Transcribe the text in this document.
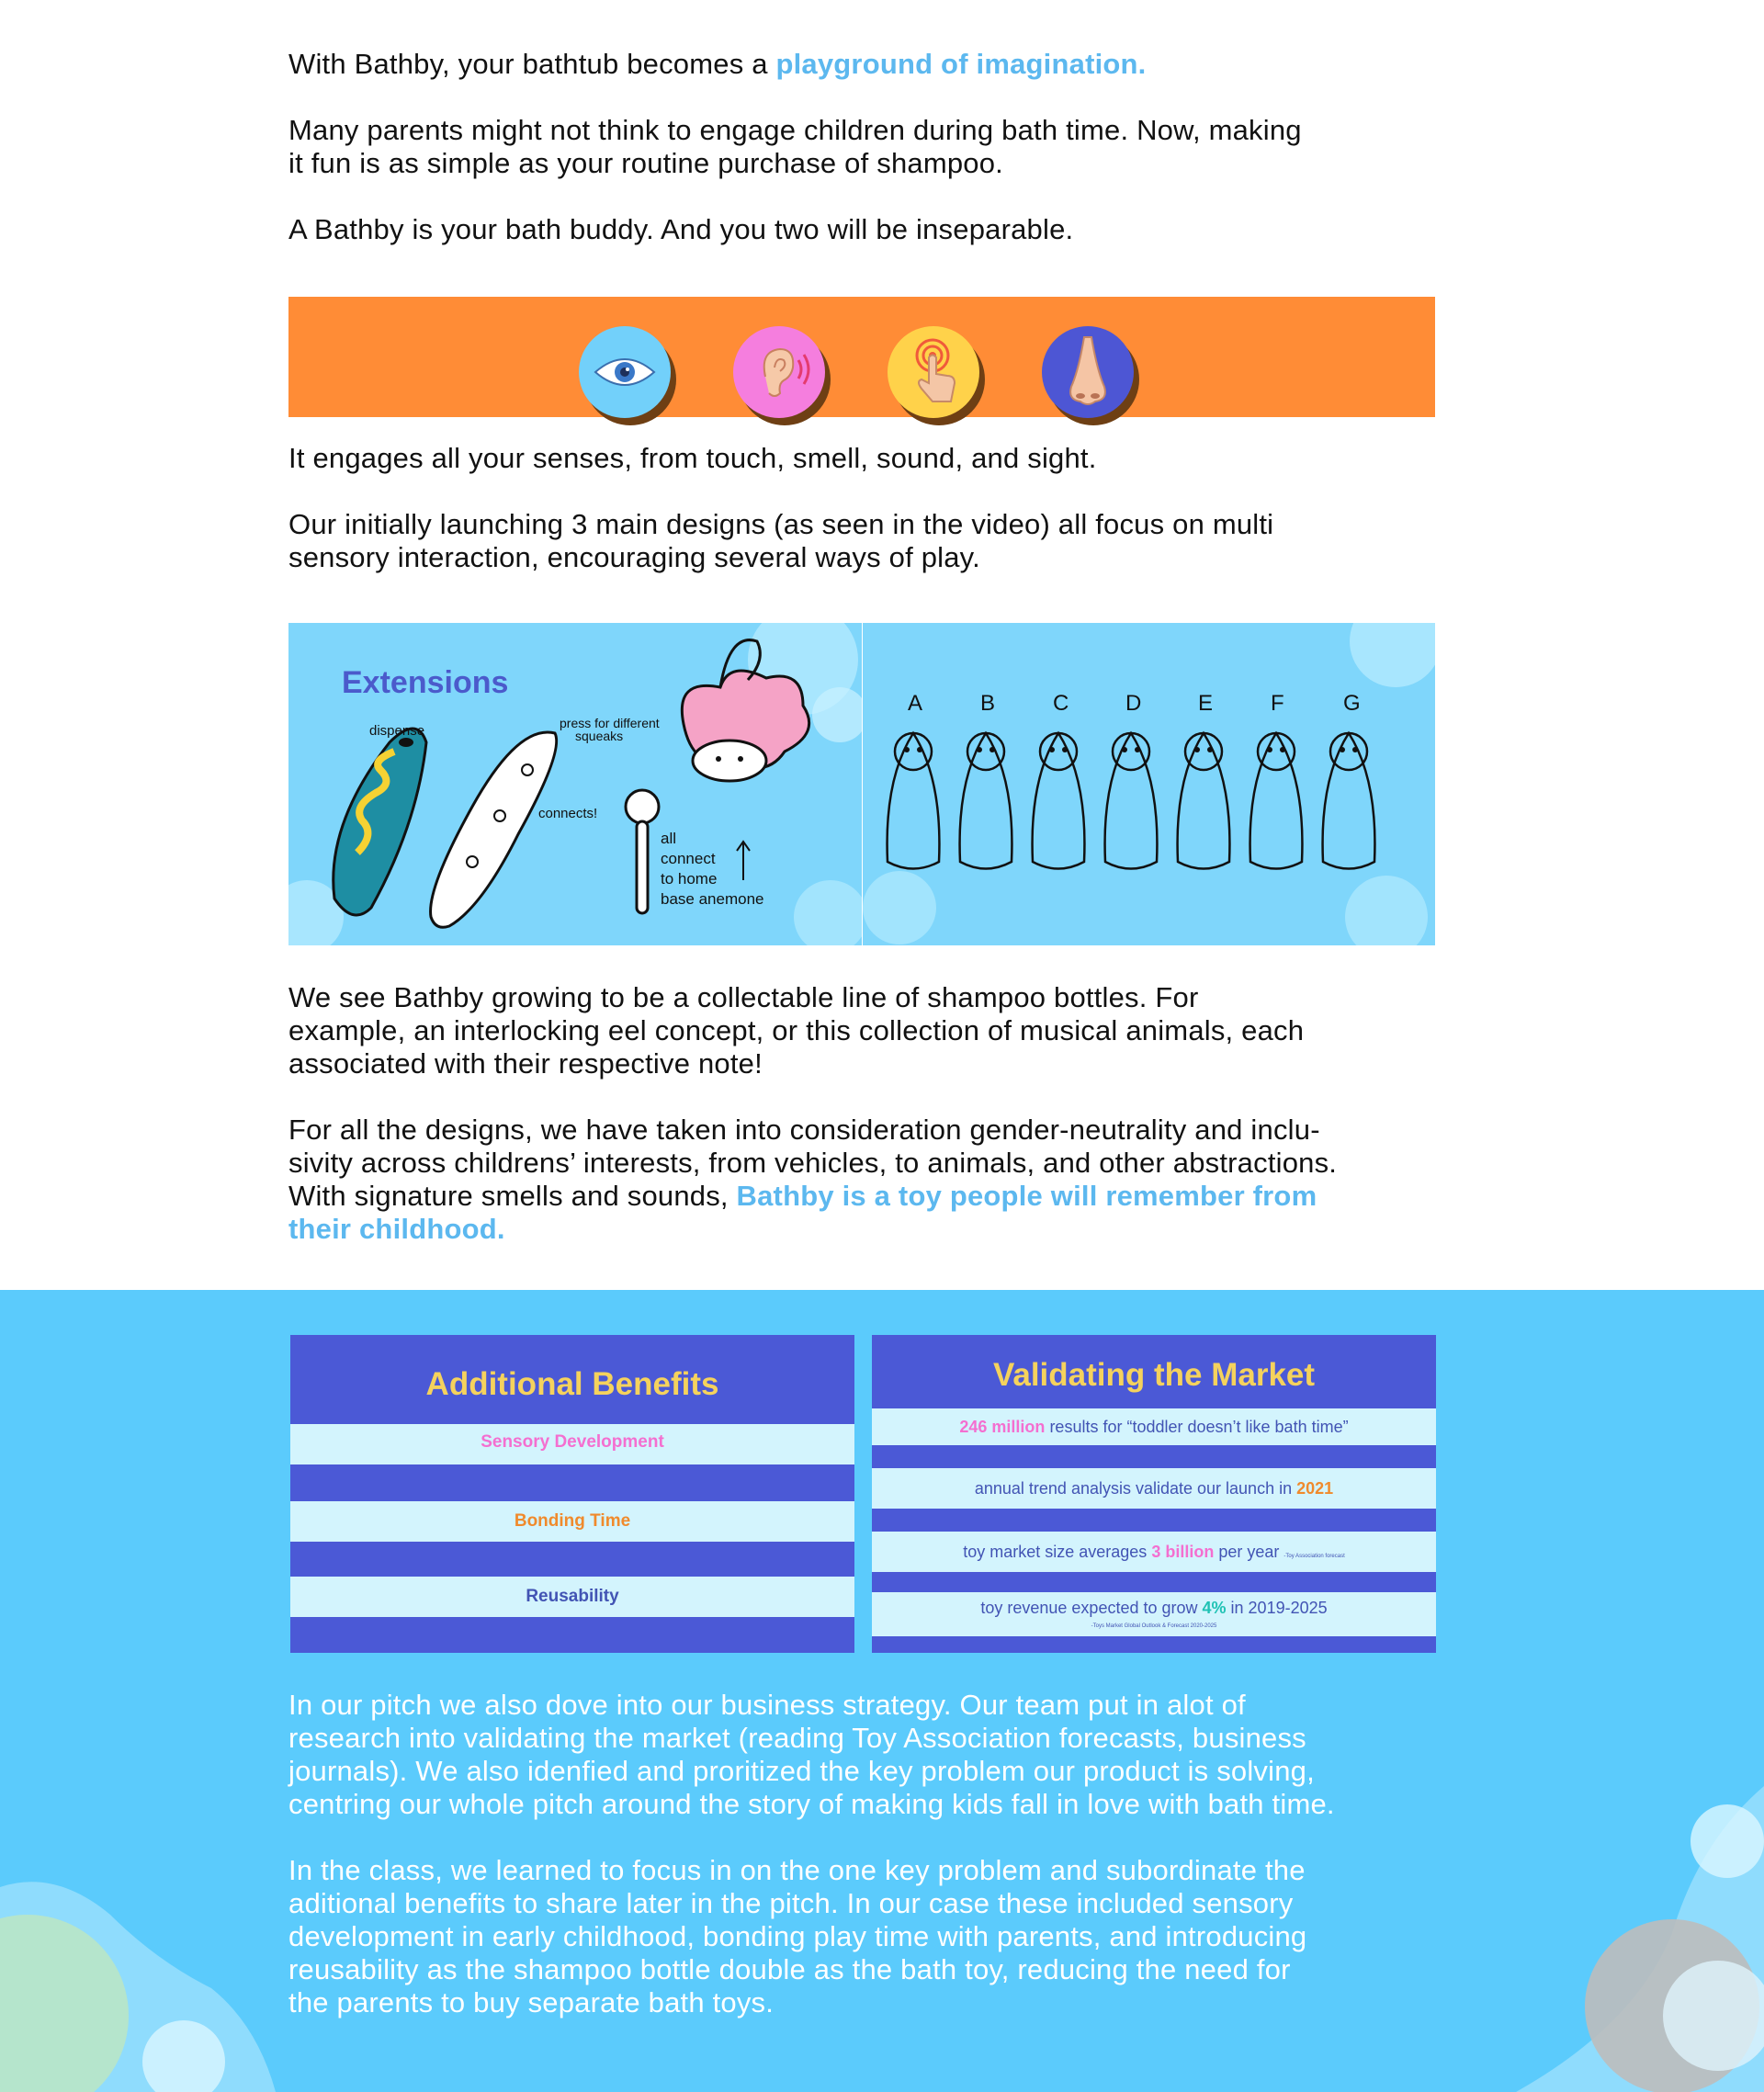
With Bathby, your bathtub becomes a playground of imagination.

Many parents might not think to engage children during bath time. Now, making
it fun is as simple as your routine purchase of shampoo.

A Bathby is your bath buddy. And you two will be inseparable.

It engages all your senses, from touch, smell, sound, and sight.

Our initially launching 3 main designs (as seen in the video) all focus on multi
sensory interaction, encouraging several ways of play.

Extensions
dispense	press for different
squeaks
connects!
all
connect
to home
base anemone
A	B	C	D	E	F	G

We see Bathby growing to be a collectable line of shampoo bottles. For
example, an interlocking eel concept, or this collection of musical animals, each
associated with their respective note!

For all the designs, we have taken into consideration gender-neutrality and inclu-
sivity across childrens’ interests, from vehicles, to animals, and other abstractions.
With signature smells and sounds, Bathby is a toy people will remember from
their childhood.

Additional Benefits
Sensory Development
Bonding Time
Reusability
Validating the Market
246 million results for “toddler doesn’t like bath time”
annual trend analysis validate our launch in 2021
toy market size averages 3 billion per year -Toy Association forecast
toy revenue expected to grow 4% in 2019-2025
-Toys Market Global Outlook & Forecast 2020-2025

In our pitch we also dove into our business strategy. Our team put in alot of
research into validating the market (reading Toy Association forecasts, business
journals). We also idenfied and proritized the key problem our product is solving,
centring our whole pitch around the story of making kids fall in love with bath time.

In the class, we learned to focus in on the one key problem and subordinate the
aditional benefits to share later in the pitch. In our case these included sensory
development in early childhood, bonding play time with parents, and introducing
reusability as the shampoo bottle double as the bath toy, reducing the need for
the parents to buy separate bath toys.
